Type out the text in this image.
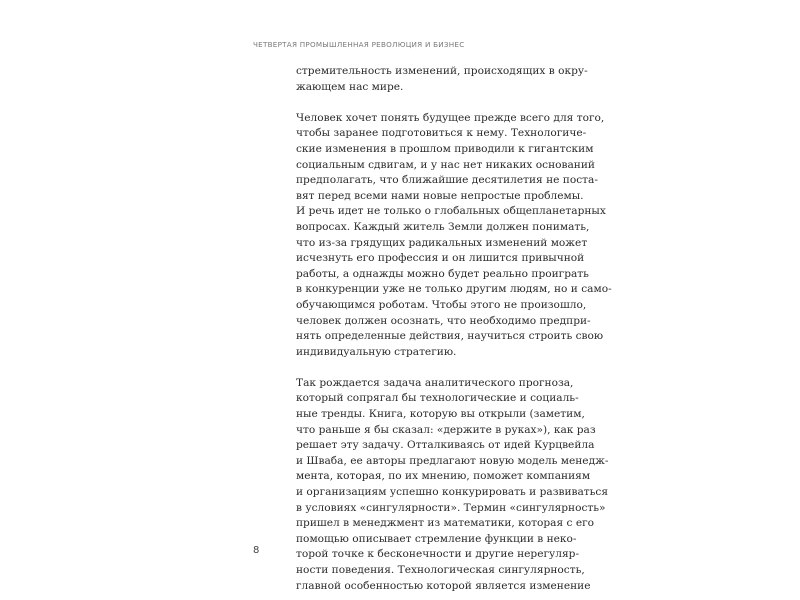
ЧЕТВЕРТАЯ ПРОМЫШЛЕННАЯ РЕВОЛЮЦИЯ И БИЗНЕС

стремительность изменений, происходящих в окру-
жающем нас мире.

Человек хочет понять будущее прежде всего для того,
чтобы заранее подготовиться к нему. Технологиче-
ские изменения в прошлом приводили к гигантским
социальным сдвигам, и у нас нет никаких оснований
предполагать, что ближайшие десятилетия не поста-
вят перед всеми нами новые непростые проблемы.
И речь идет не только о глобальных общепланетарных
вопросах. Каждый житель Земли должен понимать,
что из-за грядущих радикальных изменений может
исчезнуть его профессия и он лишится привычной
работы, а однажды можно будет реально проиграть
в конкуренции уже не только другим людям, но и само-
обучающимся роботам. Чтобы этого не произошло,
человек должен осознать, что необходимо предпри-
нять определенные действия, научиться строить свою
индивидуальную стратегию.

Так рождается задача аналитического прогноза,
который сопрягал бы технологические и социаль-
ные тренды. Книга, которую вы открыли (заметим,
что раньше я бы сказал: «держите в руках»), как раз
решает эту задачу. Отталкиваясь от идей Курцвейла
и Шваба, ее авторы предлагают новую модель менедж-
мента, которая, по их мнению, поможет компаниям
и организациям успешно конкурировать и развиваться
в условиях «сингулярности». Термин «сингулярность»
пришел в менеджмент из математики, которая с его
помощью описывает стремление функции в неко-
торой точке к бесконечности и другие нерегуляр-
ности поведения. Технологическая сингулярность,
главной особенностью которой является изменение

8
